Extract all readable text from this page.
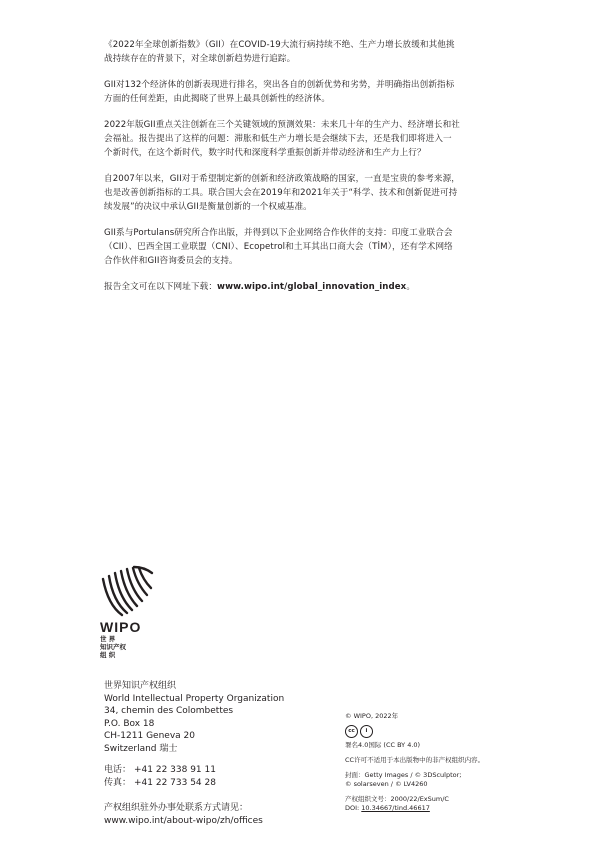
《2022年全球创新指数》（GII）在COVID-19大流行病持续不绝、生产力增长放缓和其他挑战持续存在的背景下，对全球创新趋势进行追踪。

GII对132个经济体的创新表现进行排名，突出各自的创新优势和劣势，并明确指出创新指标方面的任何差距，由此揭晓了世界上最具创新性的经济体。

2022年版GII重点关注创新在三个关键领域的预测效果：未来几十年的生产力、经济增长和社会福祉。报告提出了这样的问题：滞胀和低生产力增长是会继续下去，还是我们即将进入一个新时代，在这个新时代，数字时代和深度科学重振创新并带动经济和生产力上行？

自2007年以来，GII对于希望制定新的创新和经济政策战略的国家，一直是宝贵的参考来源，也是改善创新指标的工具。联合国大会在2019年和2021年关于“科学、技术和创新促进可持续发展”的决议中承认GII是衡量创新的一个权威基准。

GII系与Portulans研究所合作出版，并得到以下企业网络合作伙伴的支持：印度工业联合会（CII）、巴西全国工业联盟（CNI）、Ecopetrol和土耳其出口商大会（TİM），还有学术网络合作伙伴和GII咨询委员会的支持。

报告全文可在以下网址下载：www.wipo.int/global_innovation_index。

WIPO
世 界
知识产权
组 织
世界知识产权组织
World Intellectual Property Organization
34, chemin des Colombettes
P.O. Box 18
CH-1211 Geneva 20
Switzerland 瑞士
电话： +41 22 338 91 11
传真： +41 22 733 54 28
产权组织驻外办事处联系方式请见：
www.wipo.int/about-wipo/zh/offices
© WIPO, 2022年
cc	i
署名4.0国际 (CC BY 4.0)
CC许可不适用于本出版物中的非产权组织内容。
封面：Getty Images / © 3DSculptor;
© solarseven / © LV4260
产权组织文号：2000/22/ExSum/C
DOI: 10.34667/tind.46617
